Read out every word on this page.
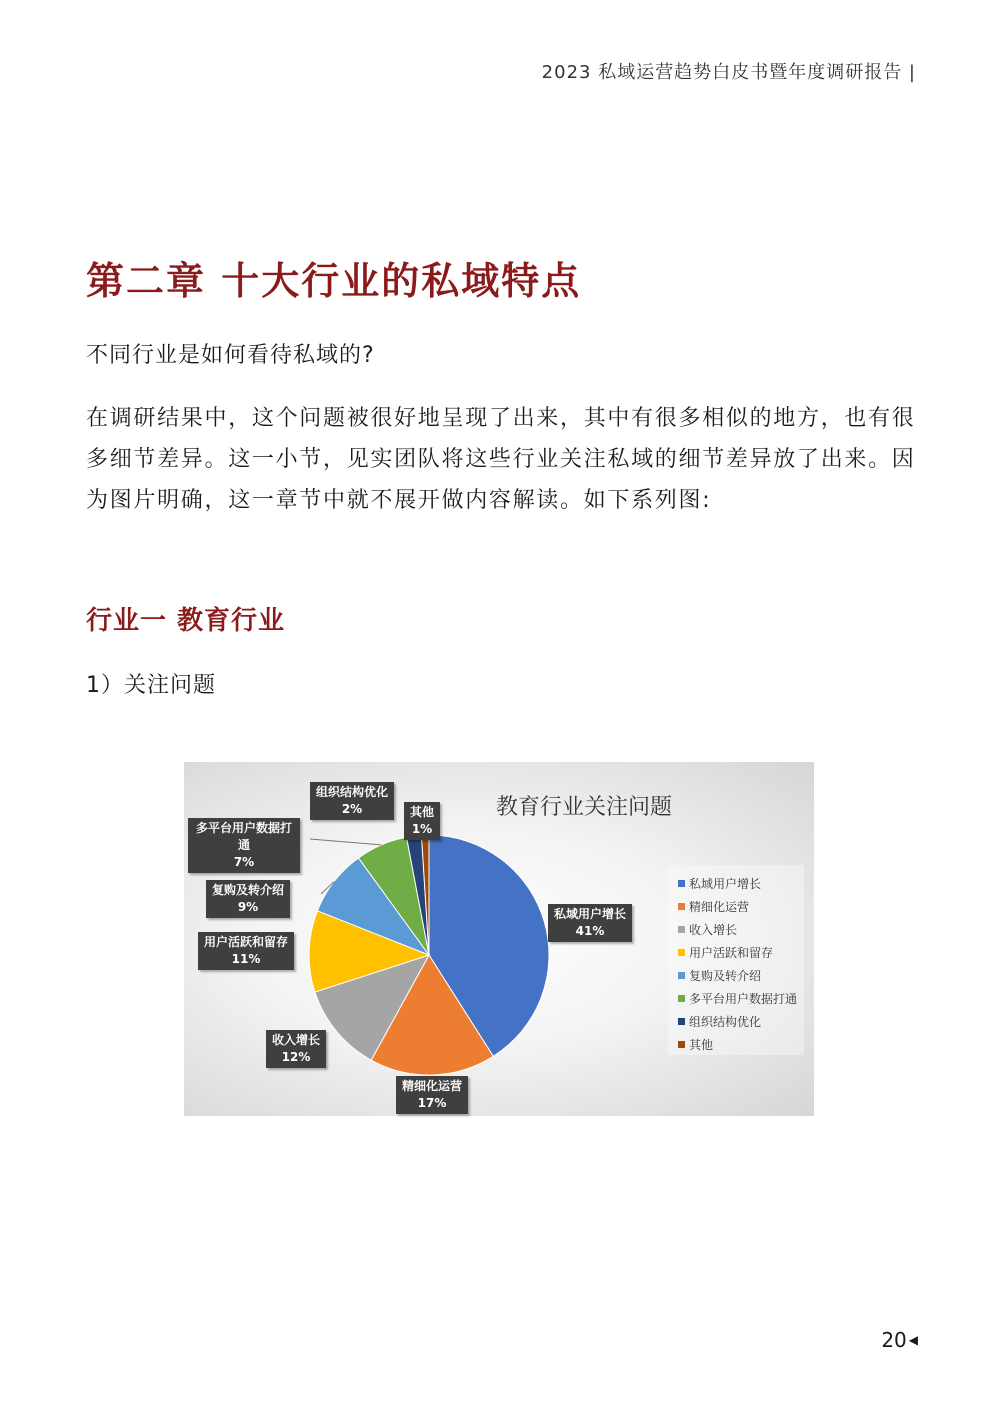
2023 私域运营趋势白皮书暨年度调研报告 |
第二章 十大行业的私域特点

不同行业是如何看待私域的?

在调研结果中，这个问题被很好地呈现了出来，其中有很多相似的地方，也有很多细节差异。这一小节，见实团队将这些行业关注私域的细节差异放了出来。因为图片明确，这一章节中就不展开做内容解读。如下系列图:

行业一 教育行业

1）关注问题

教育行业关注问题
私域用户增长
精细化运营
收入增长
用户活跃和留存
复购及转介绍
多平台用户数据打通
组织结构优化
其他
私域用户增长
41%
精细化运营
17%
收入增长
12%
用户活跃和留存
11%
复购及转介绍
9%
多平台用户数据打通
7%
组织结构优化
2%	其他
1%
20 ◀
